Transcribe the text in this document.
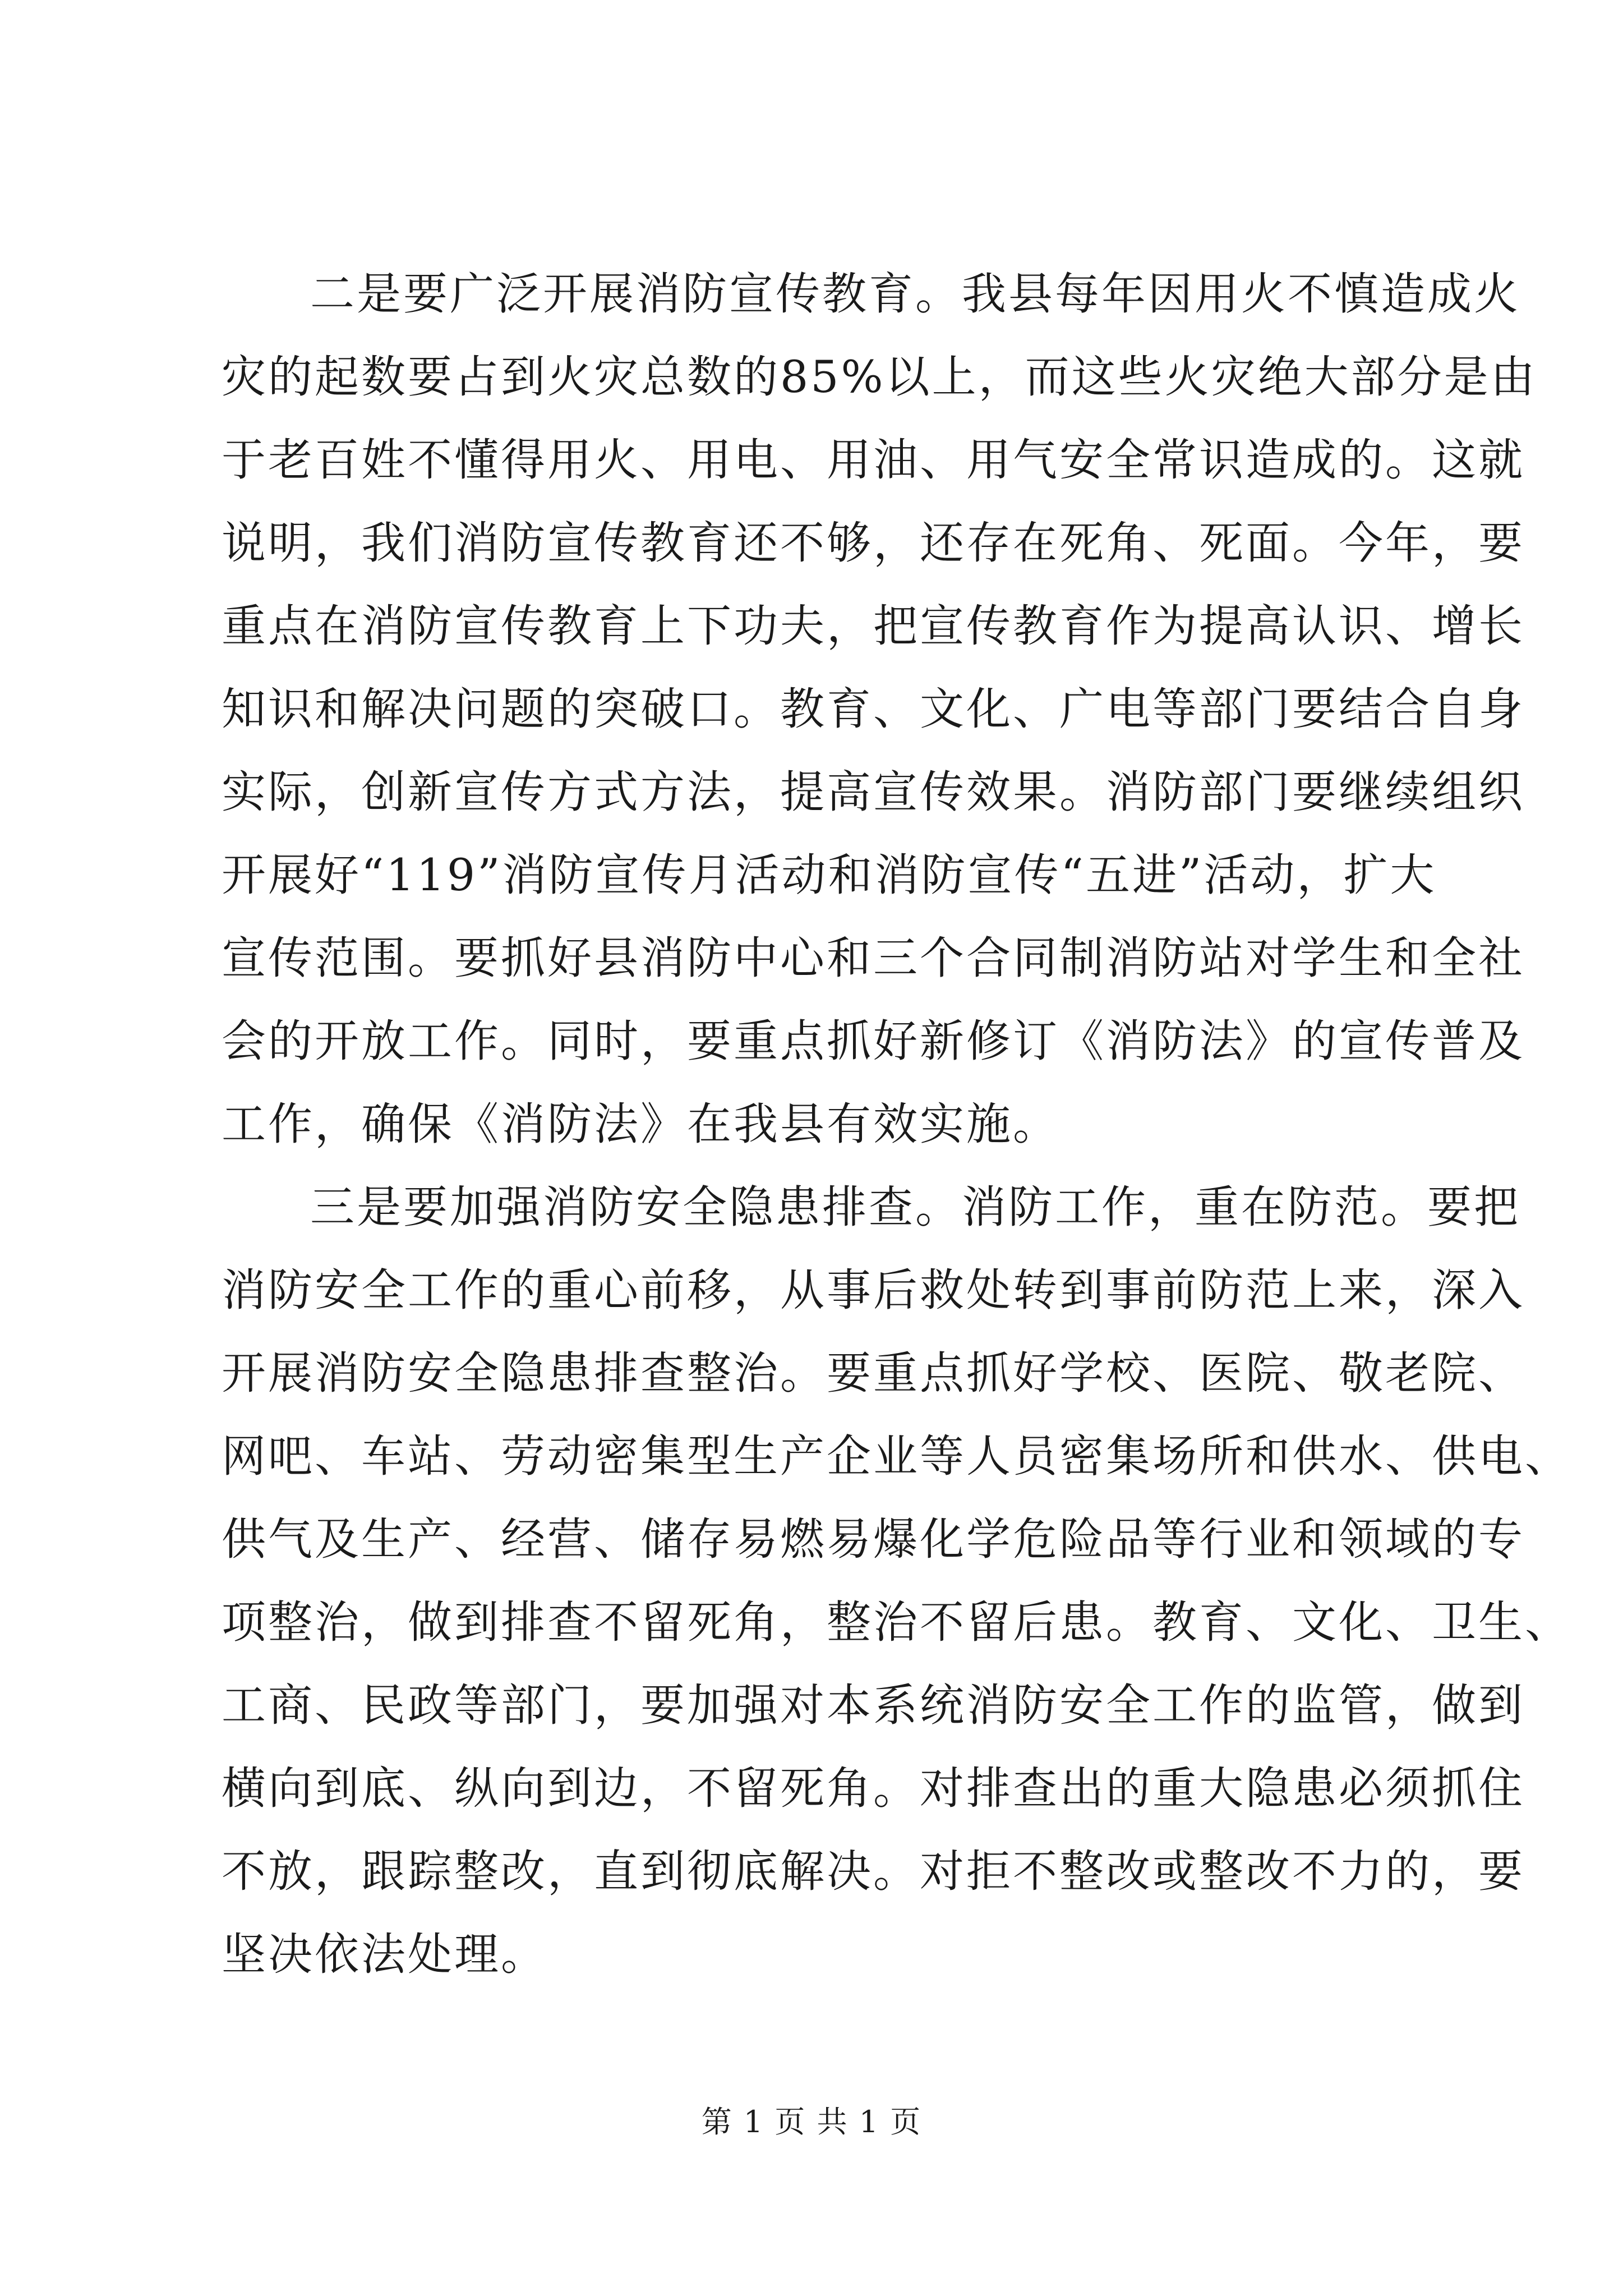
二是要广泛开展消防宣传教育。我县每年因用火不慎造成火
灾的起数要占到火灾总数的85%以上，而这些火灾绝大部分是由
于老百姓不懂得用火、用电、用油、用气安全常识造成的。这就
说明，我们消防宣传教育还不够，还存在死角、死面。今年，要
重点在消防宣传教育上下功夫，把宣传教育作为提高认识、增长
知识和解决问题的突破口。教育、文化、广电等部门要结合自身
实际，创新宣传方式方法，提高宣传效果。消防部门要继续组织
开展好“119”消防宣传月活动和消防宣传“五进”活动，扩大
宣传范围。要抓好县消防中心和三个合同制消防站对学生和全社
会的开放工作。同时，要重点抓好新修订《消防法》的宣传普及
工作，确保《消防法》在我县有效实施。
三是要加强消防安全隐患排查。消防工作，重在防范。要把
消防安全工作的重心前移，从事后救处转到事前防范上来，深入
开展消防安全隐患排查整治。要重点抓好学校、医院、敬老院、
网吧、车站、劳动密集型生产企业等人员密集场所和供水、供电、
供气及生产、经营、储存易燃易爆化学危险品等行业和领域的专
项整治，做到排查不留死角，整治不留后患。教育、文化、卫生、
工商、民政等部门，要加强对本系统消防安全工作的监管，做到
横向到底、纵向到边，不留死角。对排查出的重大隐患必须抓住
不放，跟踪整改，直到彻底解决。对拒不整改或整改不力的，要
坚决依法处理。
第 1 页 共 1 页
